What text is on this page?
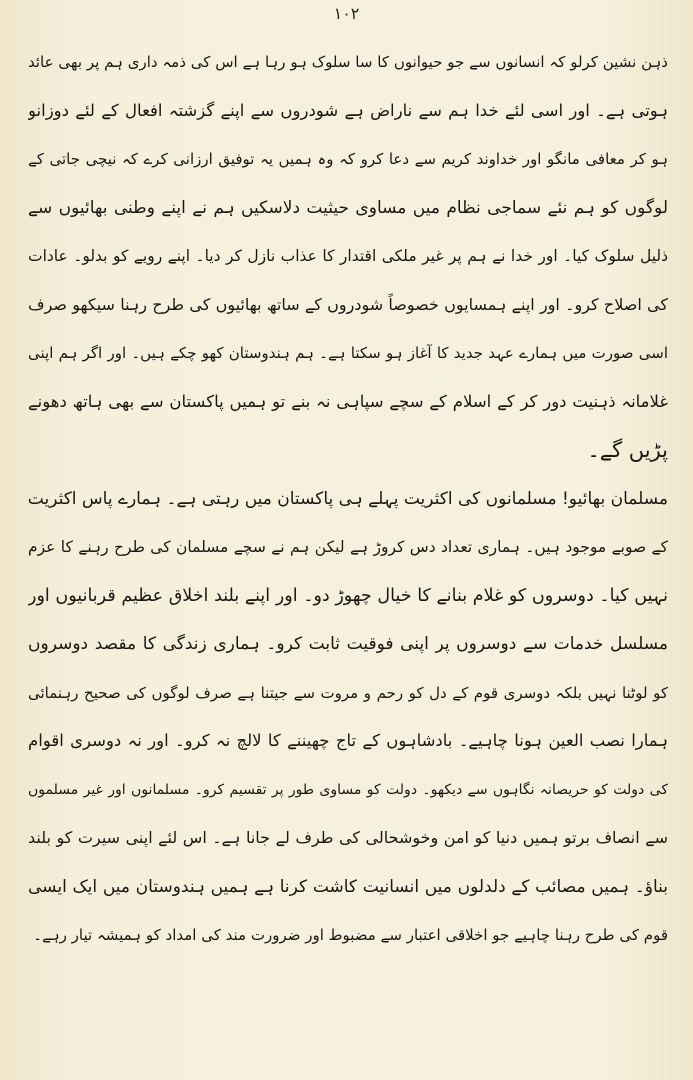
۱۰۲
ذہن نشین کرلو کہ انسانوں سے جو حیوانوں کا سا سلوک ہو رہا ہے اس کی ذمہ داری ہم پر بھی عائد
ہوتی ہے۔ اور اسی لئے خدا ہم سے ناراض ہے شودروں سے اپنے گزشتہ افعال کے لئے دوزانو
ہو کر معافی مانگو اور خداوند کریم سے دعا کرو کہ وہ ہمیں یہ توفیق ارزانی کرے کہ نیچی جاتی کے
لوگوں کو ہم نئے سماجی نظام میں مساوی حیثیت دلاسکیں ہم نے اپنے وطنی بھائیوں سے
ذلیل سلوک کیا۔ اور خدا نے ہم پر غیر ملکی اقتدار کا عذاب نازل کر دیا۔ اپنے رویے کو بدلو۔ عادات
کی اصلاح کرو۔ اور اپنے ہمسایوں خصوصاً شودروں کے ساتھ بھائیوں کی طرح رہنا سیکھو صرف
اسی صورت میں ہمارے عہد جدید کا آغاز ہو سکتا ہے۔ ہم ہندوستان کھو چکے ہیں۔ اور اگر ہم اپنی
غلامانہ ذہنیت دور کر کے اسلام کے سچے سپاہی نہ بنے تو ہمیں پاکستان سے بھی ہاتھ دھونے
پڑیں گے۔
مسلمان بھائیو! مسلمانوں کی اکثریت پہلے ہی پاکستان میں رہتی ہے۔ ہمارے پاس اکثریت
کے صوبے موجود ہیں۔ ہماری تعداد دس کروڑ ہے لیکن ہم نے سچے مسلمان کی طرح رہنے کا عزم
نہیں کیا۔ دوسروں کو غلام بنانے کا خیال چھوڑ دو۔ اور اپنے بلند اخلاق عظیم قربانیوں اور
مسلسل خدمات سے دوسروں پر اپنی فوقیت ثابت کرو۔ ہماری زندگی کا مقصد دوسروں
کو لوٹنا نہیں بلکہ دوسری قوم کے دل کو رحم و مروت سے جیتنا ہے صرف لوگوں کی صحیح رہنمائی
ہمارا نصب العین ہونا چاہیے۔ بادشاہوں کے تاج چھیننے کا لالچ نہ کرو۔ اور نہ دوسری اقوام
کی دولت کو حریصانہ نگاہوں سے دیکھو۔ دولت کو مساوی طور پر تقسیم کرو۔ مسلمانوں اور غیر مسلموں
سے انصاف برتو ہمیں دنیا کو امن وخوشحالی کی طرف لے جانا ہے۔ اس لئے اپنی سیرت کو بلند
بناؤ۔ ہمیں مصائب کے دلدلوں میں انسانیت کاشت کرنا ہے ہمیں ہندوستان میں ایک ایسی
قوم کی طرح رہنا چاہیے جو اخلاقی اعتبار سے مضبوط اور ضرورت مند کی امداد کو ہمیشہ تیار رہے۔
